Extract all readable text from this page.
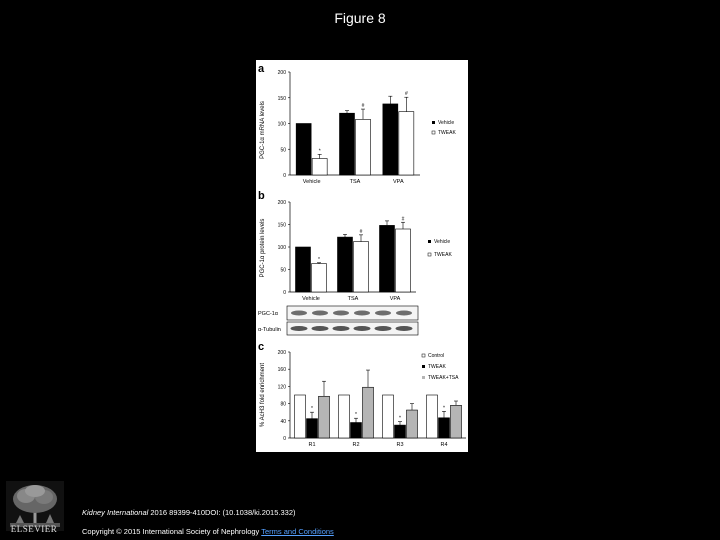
Figure 8
a
PGC-1α mRNA levels
0
50
100
150
200
*
Vehicle
#
TSA
#
VPA
Vehicle
TWEAK
b
PGC-1α protein levels
0
50
100
150
200
*
Vehicle
#
TSA
#
VPA
Vehicle
TWEAK
PGC-1α
α-Tubulin
c
% AcH3 fold enrichment
0
40
80
120
160
200
*
R1
*
R2
*
R3
*
R4
Control
TWEAK
TWEAK+TSA
ELSEVIER
Kidney International 2016 89399-410DOI: (10.1038/ki.2015.332)
Copyright © 2015 International Society of Nephrology Terms and Conditions
